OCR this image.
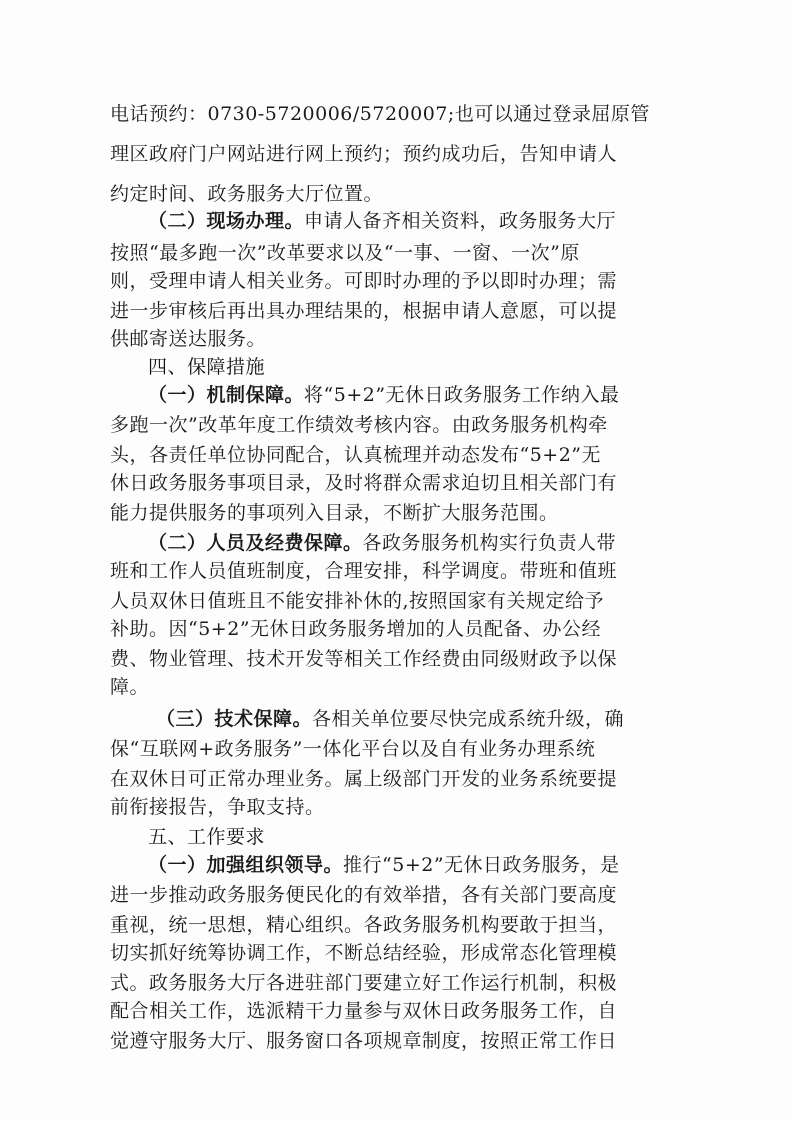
电话预约：0730-5720006/5720007;也可以通过登录屈原管
理区政府门户网站进行网上预约；预约成功后，告知申请人
约定时间、政务服务大厅位置。
（二）现场办理。申请人备齐相关资料，政务服务大厅
按照“最多跑一次”改革要求以及“一事、一窗、一次”原
则，受理申请人相关业务。可即时办理的予以即时办理；需
进一步审核后再出具办理结果的，根据申请人意愿，可以提
供邮寄送达服务。
四、保障措施
（一）机制保障。将“5+2”无休日政务服务工作纳入最
多跑一次”改革年度工作绩效考核内容。由政务服务机构牵
头，各责任单位协同配合，认真梳理并动态发布“5+2”无
休日政务服务事项目录，及时将群众需求迫切且相关部门有
能力提供服务的事项列入目录，不断扩大服务范围。
（二）人员及经费保障。各政务服务机构实行负责人带
班和工作人员值班制度，合理安排，科学调度。带班和值班
人员双休日值班且不能安排补休的,按照国家有关规定给予
补助。因“5+2”无休日政务服务增加的人员配备、办公经
费、物业管理、技术开发等相关工作经费由同级财政予以保
障。
（三）技术保障。各相关单位要尽快完成系统升级，确
保“互联网+政务服务”一体化平台以及自有业务办理系统
在双休日可正常办理业务。属上级部门开发的业务系统要提
前衔接报告，争取支持。
五、工作要求
（一）加强组织领导。推行“5+2”无休日政务服务，是
进一步推动政务服务便民化的有效举措，各有关部门要高度
重视，统一思想，精心组织。各政务服务机构要敢于担当，
切实抓好统筹协调工作，不断总结经验，形成常态化管理模
式。政务服务大厅各进驻部门要建立好工作运行机制，积极
配合相关工作，选派精干力量参与双休日政务服务工作，自
觉遵守服务大厅、服务窗口各项规章制度，按照正常工作日
